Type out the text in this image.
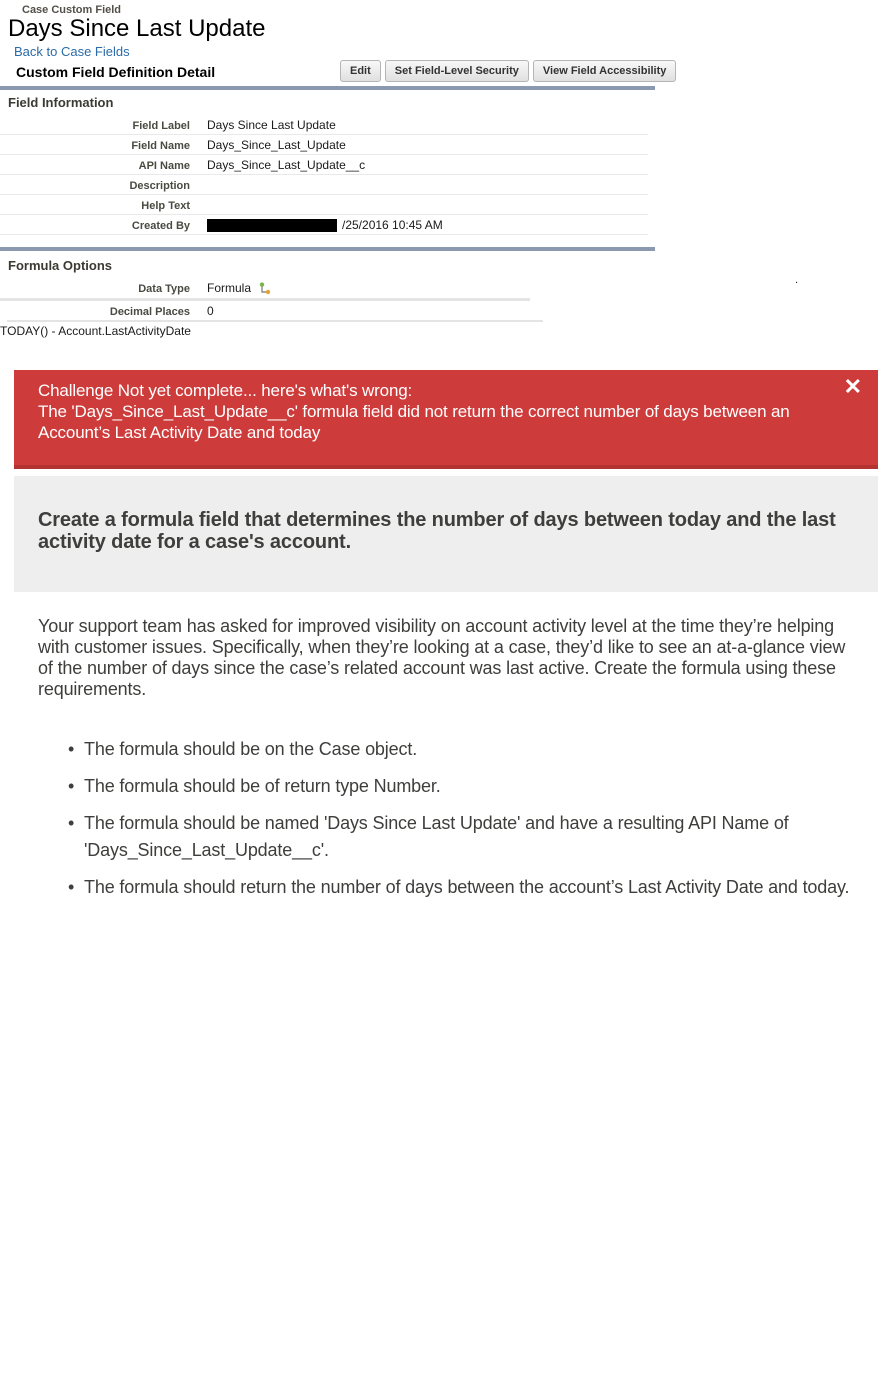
Case Custom Field
Days Since Last Update
Back to Case Fields
Custom Field Definition Detail	Edit	Set Field-Level Security	View Field Accessibility
Field Information
Field Label Days Since Last Update
Field Name Days_Since_Last_Update
API Name Days_Since_Last_Update__c
Description
Help Text
Created By	/25/2016 10:45 AM
Formula Options
Data Type Formula
Decimal Places 0
TODAY() - Account.LastActivityDate
.
Challenge Not yet complete... here's what's wrong:
The 'Days_Since_Last_Update__c' formula field did not return the correct number of days between an Account’s Last Activity Date and today
✕
Create a formula field that determines the number of days between today and the last activity date for a case's account.
Your support team has asked for improved visibility on account activity level at the time they’re helping with customer issues. Specifically, when they’re looking at a case, they’d like to see an at-a-glance view of the number of days since the case’s related account was last active. Create the formula using these requirements.
• The formula should be on the Case object.
• The formula should be of return type Number.
• The formula should be named 'Days Since Last Update' and have a resulting API Name of 'Days_Since_Last_Update__c'.
• The formula should return the number of days between the account’s Last Activity Date and today.
